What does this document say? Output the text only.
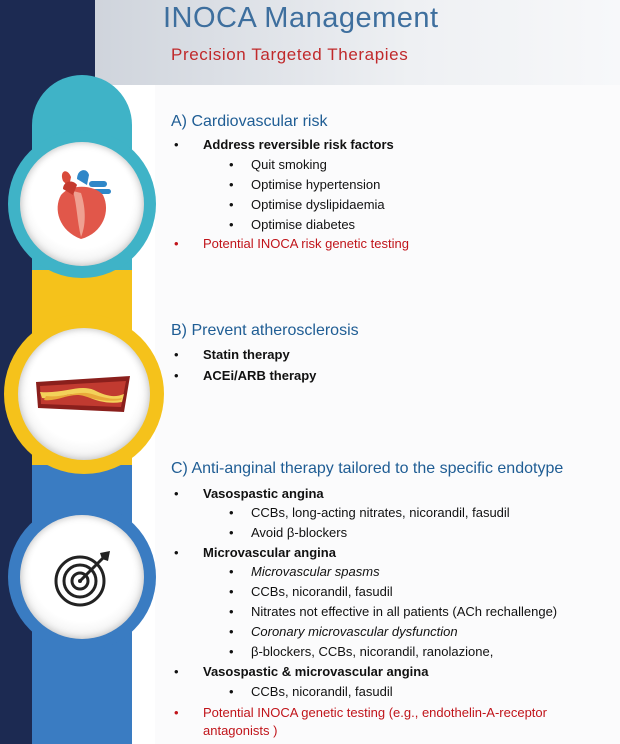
INOCA Management
Precision Targeted Therapies
A) Cardiovascular risk
• Address reversible risk factors
• Quit smoking
• Optimise hypertension
• Optimise dyslipidaemia
• Optimise diabetes
• Potential INOCA risk genetic testing
B) Prevent atherosclerosis
• Statin therapy
• ACEi/ARB therapy
C) Anti-anginal therapy tailored to the specific endotype
• Vasospastic angina
• CCBs, long-acting nitrates, nicorandil, fasudil
• Avoid β-blockers
• Microvascular angina
• Microvascular spasms
• CCBs, nicorandil, fasudil
• Nitrates not effective in all patients (ACh rechallenge)
• Coronary microvascular dysfunction
• β-blockers, CCBs, nicorandil, ranolazione,
• Vasospastic & microvascular angina
• CCBs, nicorandil, fasudil
• Potential INOCA genetic testing (e.g., endothelin-A-receptor
antagonists )
